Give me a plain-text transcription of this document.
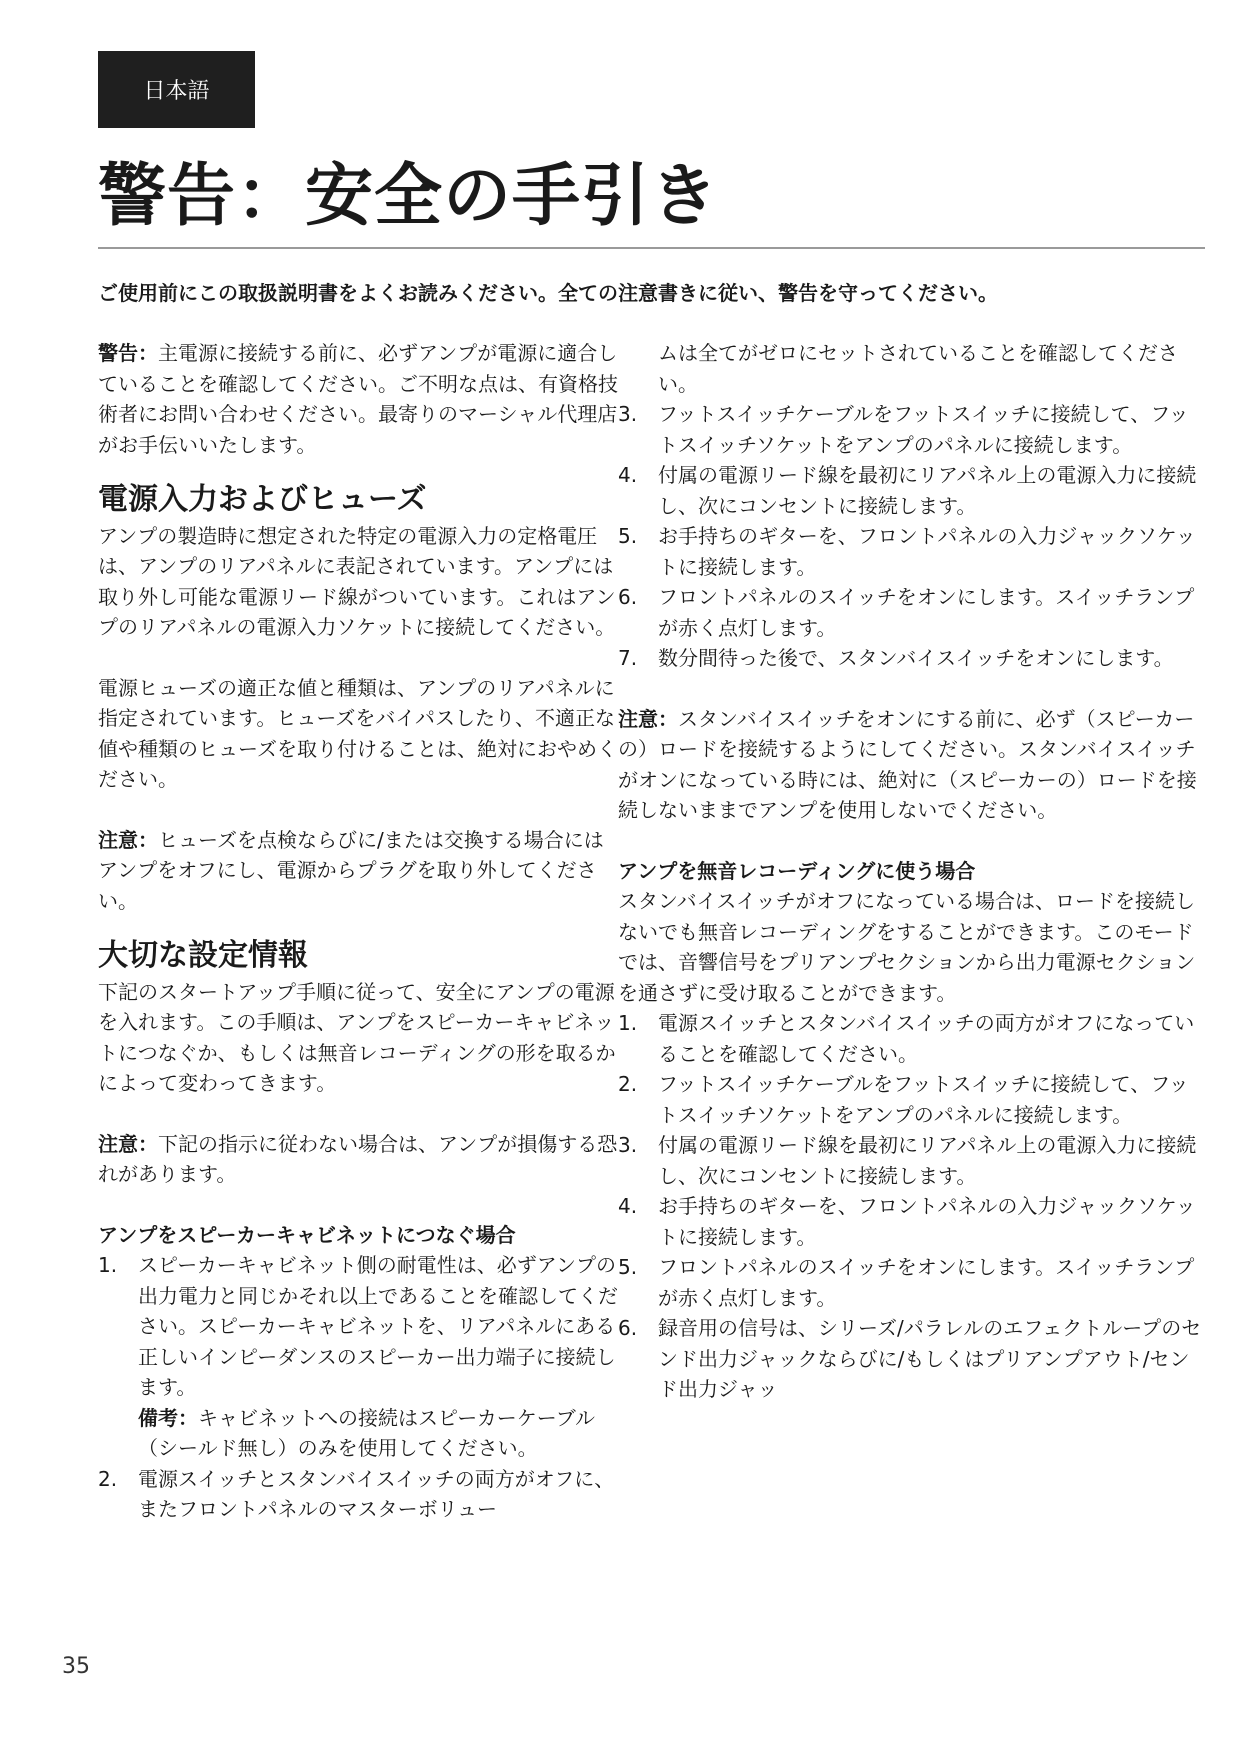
日本語
警告：安全の手引き

ご使用前にこの取扱説明書をよくお読みください。全ての注意書きに従い、警告を守ってください。

警告：主電源に接続する前に、必ずアンプが電源に適合していることを確認してください。ご不明な点は、有資格技術者にお問い合わせください。最寄りのマーシャル代理店がお手伝いいたします。

電源入力およびヒューズ

アンプの製造時に想定された特定の電源入力の定格電圧は、アンプのリアパネルに表記されています。アンプには取り外し可能な電源リード線がついています。これはアンプのリアパネルの電源入力ソケットに接続してください。

電源ヒューズの適正な値と種類は、アンプのリアパネルに指定されています。ヒューズをバイパスしたり、不適正な値や種類のヒューズを取り付けることは、絶対におやめください。

注意：ヒューズを点検ならびに/または交換する場合にはアンプをオフにし、電源からプラグを取り外してください。

大切な設定情報

下記のスタートアップ手順に従って、安全にアンプの電源を入れます。この手順は、アンプをスピーカーキャビネットにつなぐか、もしくは無音レコーディングの形を取るかによって変わってきます。

注意：下記の指示に従わない場合は、アンプが損傷する恐れがあります。

アンプをスピーカーキャビネットにつなぐ場合
1. スピーカーキャビネット側の耐電性は、必ずアンプの出力電力と同じかそれ以上であることを確認してください。スピーカーキャビネットを、リアパネルにある正しいインピーダンスのスピーカー出力端子に接続します。
備考：キャビネットへの接続はスピーカーケーブル（シールド無し）のみを使用してください。
2. 電源スイッチとスタンバイスイッチの両方がオフに、またフロントパネルのマスターボリュー
ムは全てがゼロにセットされていることを確認してください。
3. フットスイッチケーブルをフットスイッチに接続して、フットスイッチソケットをアンプのパネルに接続します。
4. 付属の電源リード線を最初にリアパネル上の電源入力に接続し、次にコンセントに接続します。
5. お手持ちのギターを、フロントパネルの入力ジャックソケットに接続します。
6. フロントパネルのスイッチをオンにします。スイッチランプが赤く点灯します。
7. 数分間待った後で、スタンバイスイッチをオンにします。

注意：スタンバイスイッチをオンにする前に、必ず（スピーカーの）ロードを接続するようにしてください。スタンバイスイッチがオンになっている時には、絶対に（スピーカーの）ロードを接続しないままでアンプを使用しないでください。

アンプを無音レコーディングに使う場合

スタンバイスイッチがオフになっている場合は、ロードを接続しないでも無音レコーディングをすることができます。このモードでは、音響信号をプリアンプセクションから出力電源セクションを通さずに受け取ることができます。

1. 電源スイッチとスタンバイスイッチの両方がオフになっていることを確認してください。
2. フットスイッチケーブルをフットスイッチに接続して、フットスイッチソケットをアンプのパネルに接続します。
3. 付属の電源リード線を最初にリアパネル上の電源入力に接続し、次にコンセントに接続します。
4. お手持ちのギターを、フロントパネルの入力ジャックソケットに接続します。
5. フロントパネルのスイッチをオンにします。スイッチランプが赤く点灯します。
6. 録音用の信号は、シリーズ/パラレルのエフェクトループのセンド出力ジャックならびに/もしくはプリアンプアウト/センド出力ジャッ
35
